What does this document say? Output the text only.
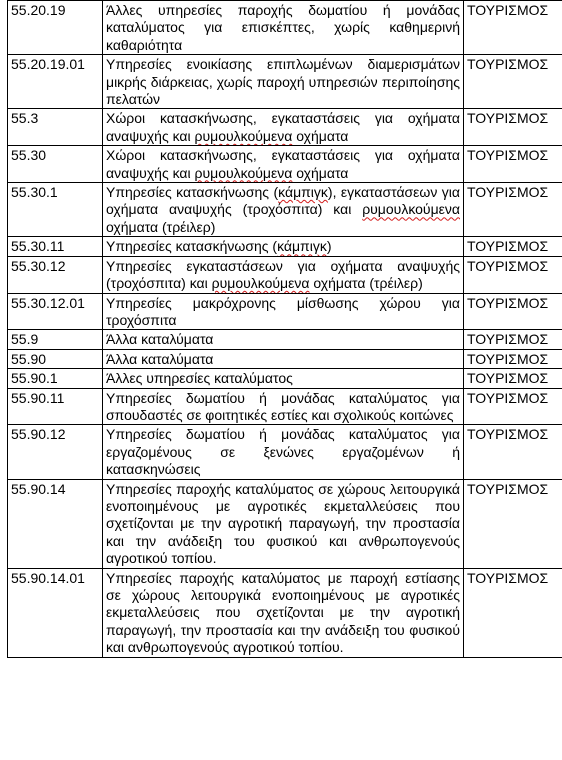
55.20.19	Άλλες υπηρεσίες παροχής δωματίου ή μονάδας καταλύματος για επισκέπτες, χωρίς καθημερινή καθαριότητα	ΤΟΥΡΙΣΜΟΣ
55.20.19.01	Υπηρεσίες ενοικίασης επιπλωμένων διαμερισμάτων μικρής διάρκειας, χωρίς παροχή υπηρεσιών περιποίησης πελατών	ΤΟΥΡΙΣΜΟΣ
55.3	Χώροι κατασκήνωσης, εγκαταστάσεις για οχήματα αναψυχής και ρυμουλκούμενα οχήματα	ΤΟΥΡΙΣΜΟΣ
55.30	Χώροι κατασκήνωσης, εγκαταστάσεις για οχήματα αναψυχής και ρυμουλκούμενα οχήματα	ΤΟΥΡΙΣΜΟΣ
55.30.1	Υπηρεσίες κατασκήνωσης (κάμπιγκ), εγκαταστάσεων για οχήματα αναψυχής (τροχόσπιτα) και ρυμουλκούμενα οχήματα (τρέιλερ)	ΤΟΥΡΙΣΜΟΣ
55.30.11	Υπηρεσίες κατασκήνωσης (κάμπιγκ)	ΤΟΥΡΙΣΜΟΣ
55.30.12	Υπηρεσίες εγκαταστάσεων για οχήματα αναψυχής (τροχόσπιτα) και ρυμουλκούμενα οχήματα (τρέιλερ)	ΤΟΥΡΙΣΜΟΣ
55.30.12.01	Υπηρεσίες μακρόχρονης μίσθωσης χώρου για τροχόσπιτα	ΤΟΥΡΙΣΜΟΣ
55.9	Άλλα καταλύματα	ΤΟΥΡΙΣΜΟΣ
55.90	Άλλα καταλύματα	ΤΟΥΡΙΣΜΟΣ
55.90.1	Άλλες υπηρεσίες καταλύματος	ΤΟΥΡΙΣΜΟΣ
55.90.11	Υπηρεσίες δωματίου ή μονάδας καταλύματος για σπουδαστές σε φοιτητικές εστίες και σχολικούς κοιτώνες	ΤΟΥΡΙΣΜΟΣ
55.90.12	Υπηρεσίες δωματίου ή μονάδας καταλύματος για εργαζομένους σε ξενώνες εργαζομένων ή κατασκηνώσεις	ΤΟΥΡΙΣΜΟΣ
55.90.14	Υπηρεσίες παροχής καταλύματος σε χώρους λειτουργικά ενοποιημένους με αγροτικές εκμεταλλεύσεις που σχετίζονται με την αγροτική παραγωγή, την προστασία και την ανάδειξη του φυσικού και ανθρωπογενούς αγροτικού τοπίου.	ΤΟΥΡΙΣΜΟΣ
55.90.14.01	Υπηρεσίες παροχής καταλύματος με παροχή εστίασης σε χώρους λειτουργικά ενοποιημένους με αγροτικές εκμεταλλεύσεις που σχετίζονται με την αγροτική παραγωγή, την προστασία και την ανάδειξη του φυσικού και ανθρωπογενούς αγροτικού τοπίου.	ΤΟΥΡΙΣΜΟΣ
